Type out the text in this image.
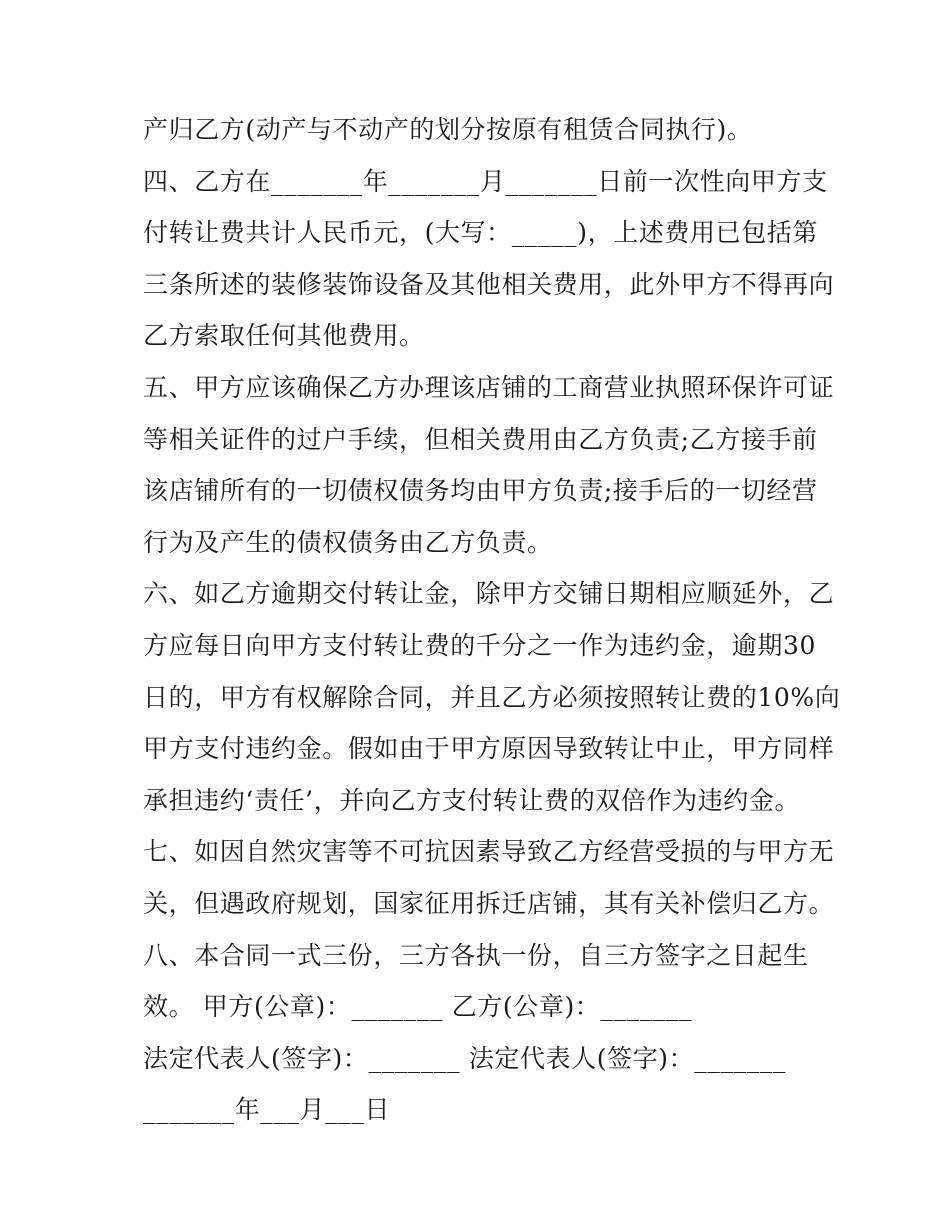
产归乙方(动产与不动产的划分按原有租赁合同执行)。
四、乙方在_______年_______月_______日前一次性向甲方支
付转让费共计人民币元，(大写：_____)，上述费用已包括第
三条所述的装修装饰设备及其他相关费用，此外甲方不得再向
乙方索取任何其他费用。
五、甲方应该确保乙方办理该店铺的工商营业执照环保许可证
等相关证件的过户手续，但相关费用由乙方负责;乙方接手前
该店铺所有的一切债权债务均由甲方负责;接手后的一切经营
行为及产生的债权债务由乙方负责。
六、如乙方逾期交付转让金，除甲方交铺日期相应顺延外，乙
方应每日向甲方支付转让费的千分之一作为违约金，逾期30
日的，甲方有权解除合同，并且乙方必须按照转让费的10%向
甲方支付违约金。假如由于甲方原因导致转让中止，甲方同样
承担违约‘责任’，并向乙方支付转让费的双倍作为违约金。
七、如因自然灾害等不可抗因素导致乙方经营受损的与甲方无
关，但遇政府规划，国家征用拆迁店铺，其有关补偿归乙方。
八、本合同一式三份，三方各执一份，自三方签字之日起生
效。 甲方(公章)：_______ 乙方(公章)：_______
法定代表人(签字)：_______ 法定代表人(签字)：_______
_______年___月___日
